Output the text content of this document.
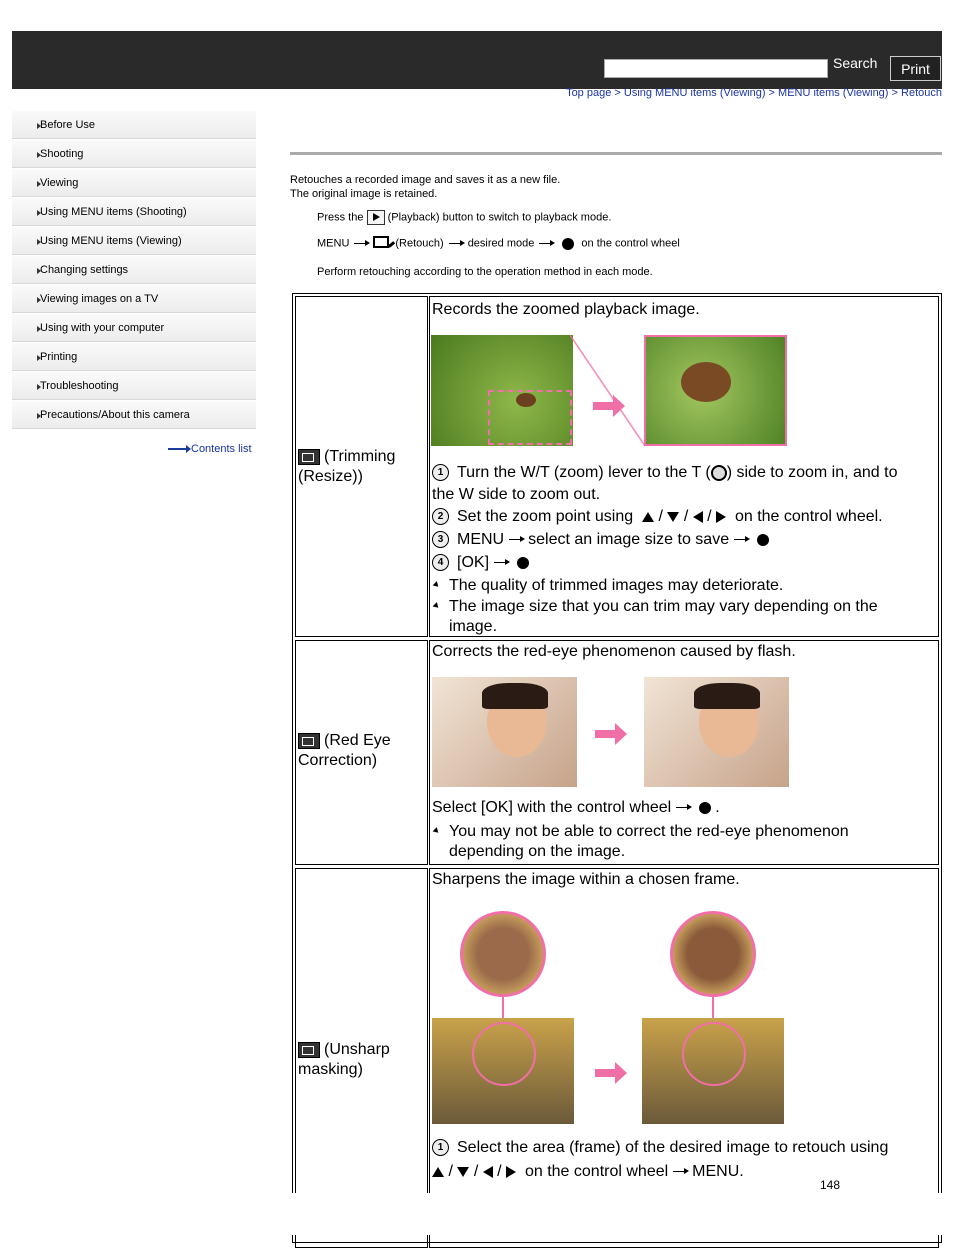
Search	Print
Top page > Using MENU items (Viewing) > MENU items (Viewing) > Retouch
Before Use
Shooting
Viewing
Using MENU items (Shooting)
Using MENU items (Viewing)
Changing settings
Viewing images on a TV
Using with your computer
Printing
Troubleshooting
Precautions/About this camera
Contents list
Retouches a recorded image and saves it as a new file.
The original image is retained.
Press the (Playback) button to switch to playback mode.
MENU	(Retouch) desired mode	on the control wheel
Perform retouching according to the operation method in each mode.
(Trimming (Resize))
Records the zoomed playback image.
1 Turn the W/T (zoom) lever to the T ( ) side to zoom in, and to
the W side to zoom out.
2 Set the zoom point using / / / on the control wheel.
3 MENU select an image size to save
4 [OK]
The quality of trimmed images may deteriorate.
The image size that you can trim may vary depending on the image.
(Red Eye Correction)
Corrects the red-eye phenomenon caused by flash.
Select [OK] with the control wheel	.
You may not be able to correct the red-eye phenomenon depending on the image.
(Unsharp masking)
Sharpens the image within a chosen frame.
1 Select the area (frame) of the desired image to retouch using
/ / / on the control wheel MENU.
148
